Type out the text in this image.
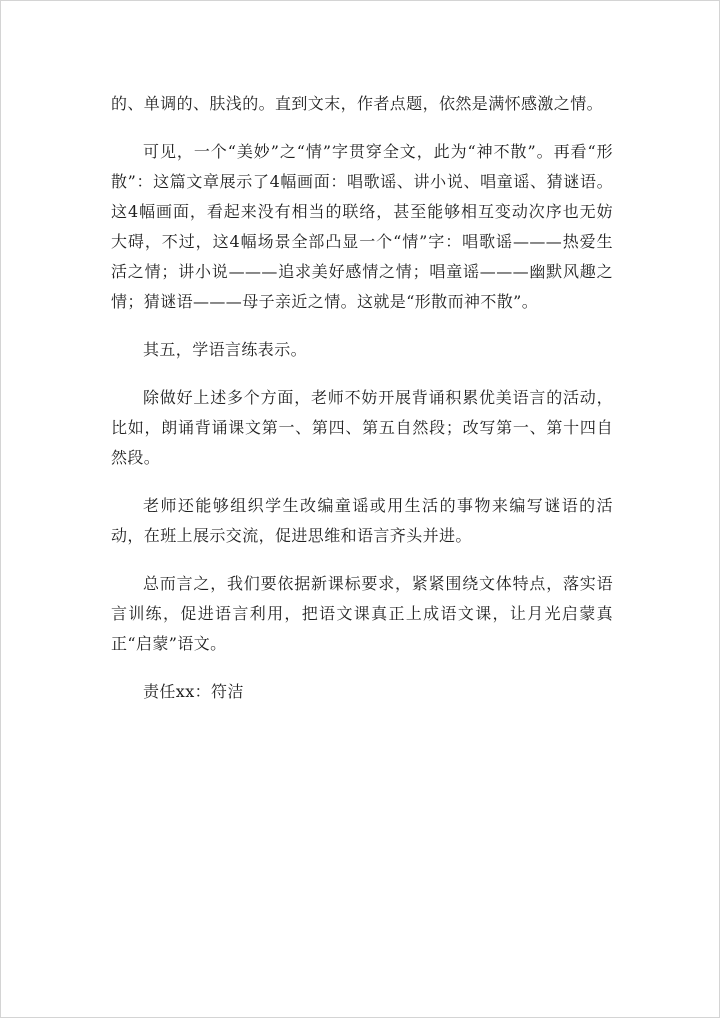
的、单调的、肤浅的。直到文末，作者点题，依然是满怀感激之情。

可见，一个“美妙”之“情”字贯穿全文，此为“神不散”。再看“形散”：这篇文章展示了4幅画面：唱歌谣、讲小说、唱童谣、猜谜语。这4幅画面，看起来没有相当的联络，甚至能够相互变动次序也无妨大碍，不过，这4幅场景全部凸显一个“情”字：唱歌谣———热爱生活之情；讲小说———追求美好感情之情；唱童谣———幽默风趣之情；猜谜语———母子亲近之情。这就是“形散而神不散”。

其五，学语言练表示。

除做好上述多个方面，老师不妨开展背诵积累优美语言的活动，比如，朗诵背诵课文第一、第四、第五自然段；改写第一、第十四自然段。

老师还能够组织学生改编童谣或用生活的事物来编写谜语的活动，在班上展示交流，促进思维和语言齐头并进。

总而言之，我们要依据新课标要求，紧紧围绕文体特点，落实语言训练，促进语言利用，把语文课真正上成语文课，让月光启蒙真正“启蒙”语文。

责任xx：符洁
